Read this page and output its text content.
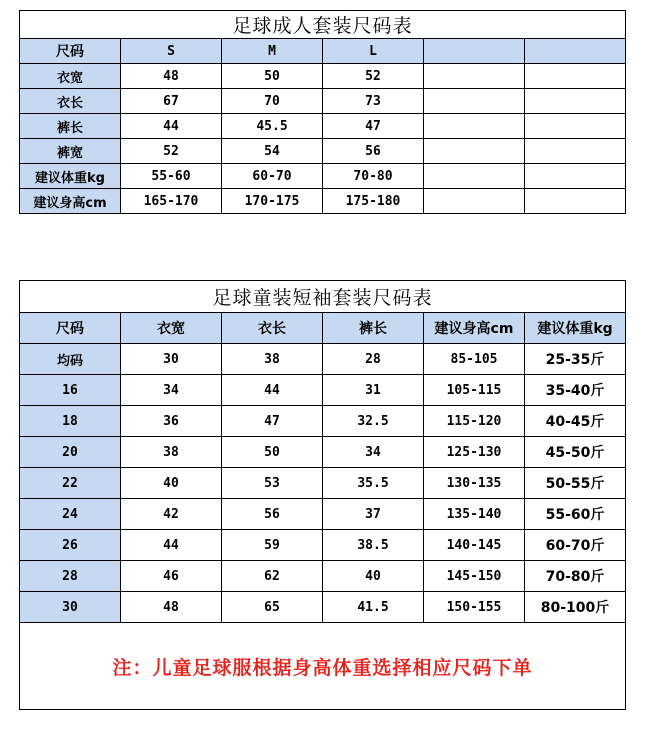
足球成人套装尺码表					
尺码	S	M	L		
衣宽	48	50	52		
衣长	67	70	73		
裤长	44	45.5	47		
裤宽	52	54	56		
建议体重kg	55-60	60-70	70-80		
建议身高cm	165-170	170-175	175-180		
足球童装短袖套装尺码表					
尺码	衣宽	衣长	裤长	建议身高cm	建议体重kg
均码	30	38	28	85-105	25-35斤
16	34	44	31	105-115	35-40斤
18	36	47	32.5	115-120	40-45斤
20	38	50	34	125-130	45-50斤
22	40	53	35.5	130-135	50-55斤
24	42	56	37	135-140	55-60斤
26	44	59	38.5	140-145	60-70斤
28	46	62	40	145-150	70-80斤
30	48	65	41.5	150-155	80-100斤
注：儿童足球服根据身高体重选择相应尺码下单					
